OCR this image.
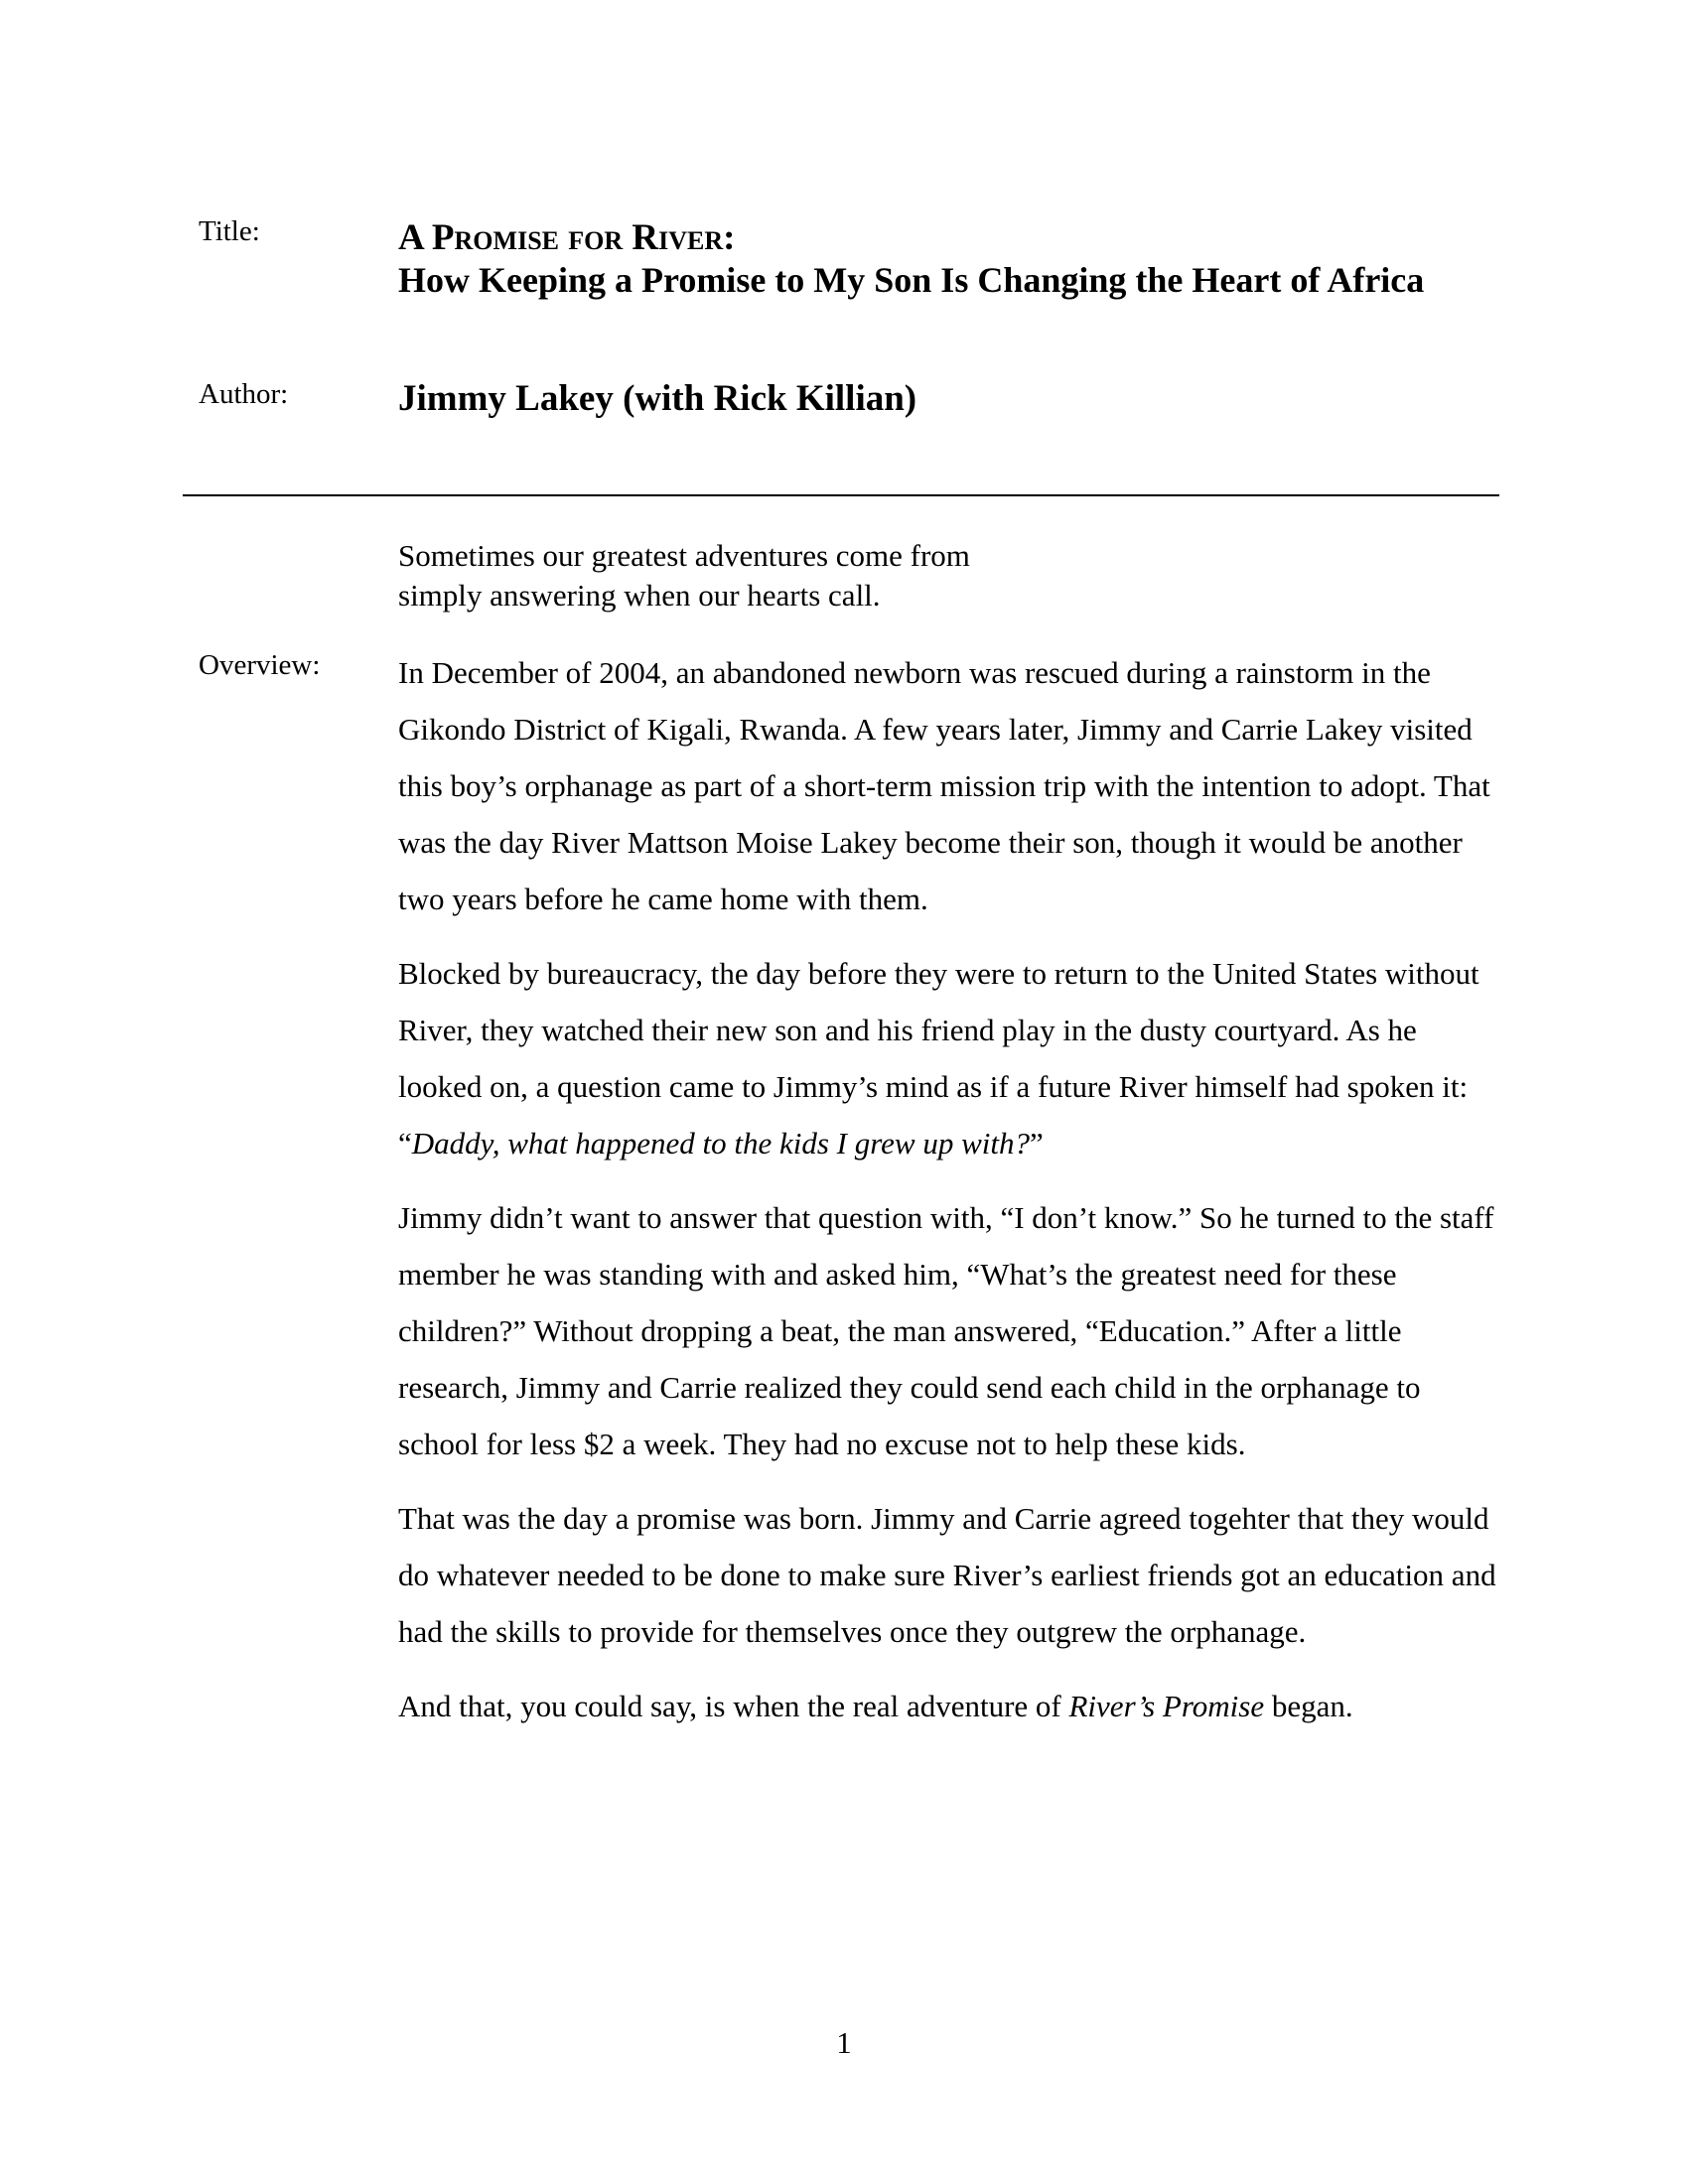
Title:	A Promise for River:
How Keeping a Promise to My Son Is Changing the Heart of Africa
Author:	Jimmy Lakey (with Rick Killian)
Sometimes our greatest adventures come from
simply answering when our hearts call.
Overview:	In December of 2004, an abandoned newborn was rescued during a rainstorm in the Gikondo District of Kigali, Rwanda. A few years later, Jimmy and Carrie Lakey visited this boy’s orphanage as part of a short-term mission trip with the intention to adopt. That was the day River Mattson Moise Lakey become their son, though it would be another two years before he came home with them.

Blocked by bureaucracy, the day before they were to return to the United States without River, they watched their new son and his friend play in the dusty courtyard. As he looked on, a question came to Jimmy’s mind as if a future River himself had spoken it: “Daddy, what happened to the kids I grew up with?”

Jimmy didn’t want to answer that question with, “I don’t know.” So he turned to the staff member he was standing with and asked him, “What’s the greatest need for these children?” Without dropping a beat, the man answered, “Education.” After a little research, Jimmy and Carrie realized they could send each child in the orphanage to school for less $2 a week. They had no excuse not to help these kids.

That was the day a promise was born. Jimmy and Carrie agreed togehter that they would do whatever needed to be done to make sure River’s earliest friends got an education and had the skills to provide for themselves once they outgrew the orphanage.

And that, you could say, is when the real adventure of River’s Promise began.

1
